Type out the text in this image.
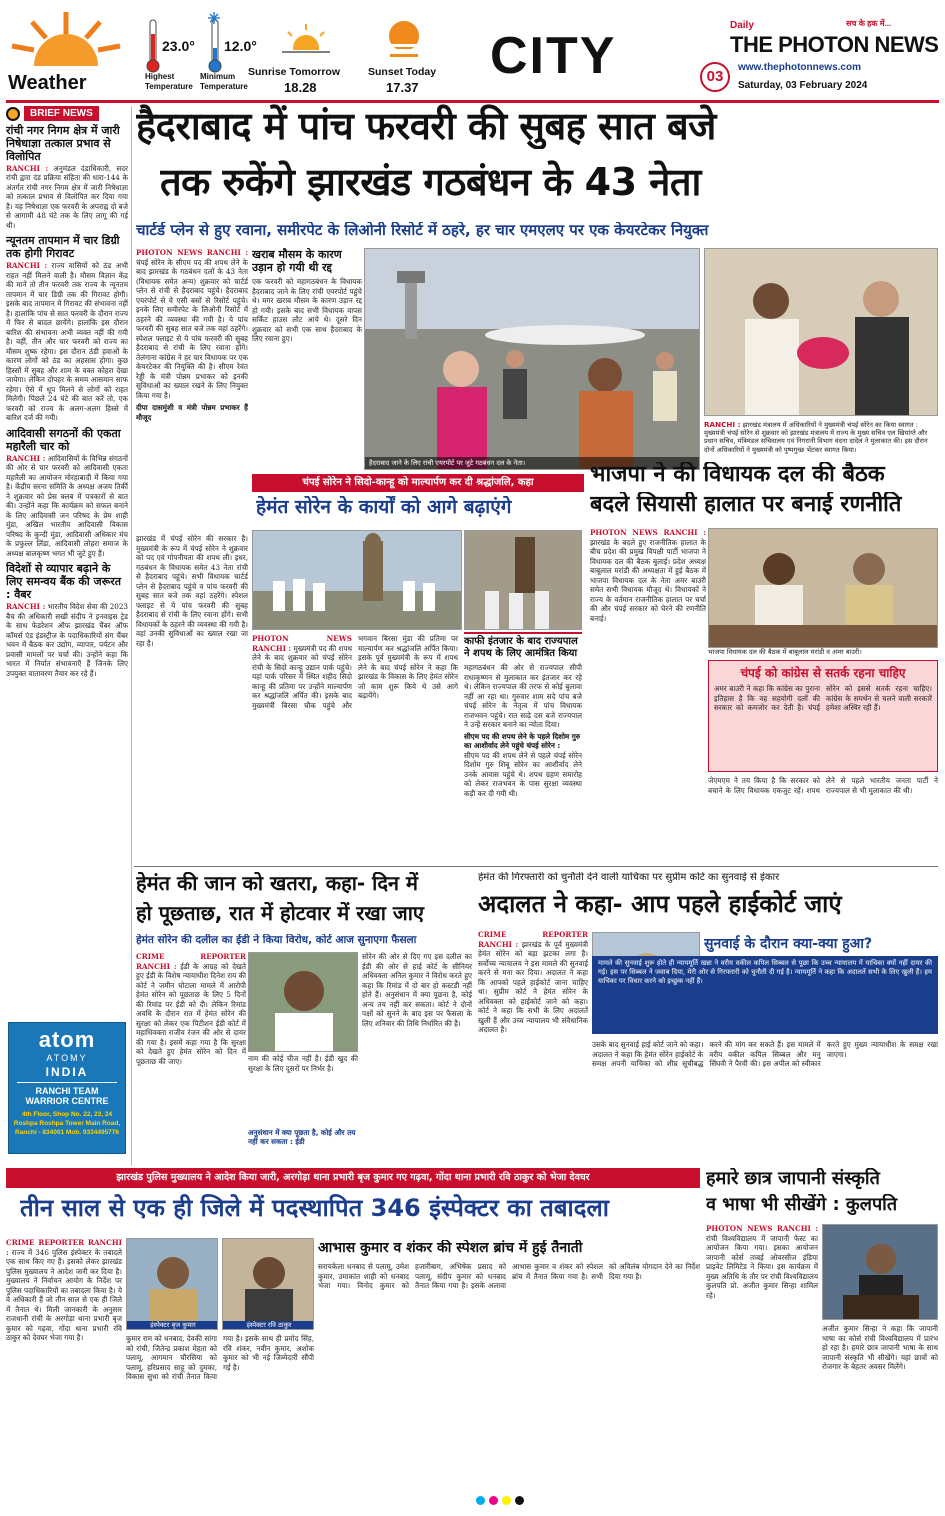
Weather
23.0°
Highest Temperature
12.0°
Minimum Temperature
Sunrise Tomorrow
18.28
Sunset Today
17.37
CITY	03
Daily	सच के हक में...
THE PHOTON NEWS
www.thephotonnews.com
Saturday, 03 February 2024
BRIEF NEWS
रांची नगर निगम क्षेत्र में जारी निषेधाज्ञा तत्काल प्रभाव से विलोपित
RANCHI : अनुमंडल दंडाधिकारी, सदर रांची द्वारा दंड प्रक्रिया संहिता की धारा-144 के अंतर्गत रांची नगर निगम क्षेत्र में जारी निषेधाज्ञा को तत्काल प्रभाव से विलोपित कर दिया गया है। यह निषेधाज्ञा एक फरवरी के अपराह्न दो बजे से आगामी 48 घंटे तक के लिए लागू की गई थी।
न्यूनतम तापमान में चार डिग्री तक होगी गिरावट
RANCHI : राज्य वासियों को ठंड अभी राहत नहीं मिलने वाली है। मौसम विज्ञान केंद्र की मानें तो तीन फरवरी तक राज्य के न्यूनतम तापमान में चार डिग्री तक की गिरावट होगी। इसके बाद तापमान में गिरावट की संभावना नहीं है। हालांकि पांच से सात फरवरी के दौरान राज्य में फिर से बादल छायेंगे। हालांकि इस दौरान बारिश की संभावना अभी व्यक्त नहीं की गयी है। वहीं, तीन और चार फरवरी को राज्य का मौसम शुष्क रहेगा। इस दौरान ठंडी हवाओं के कारण लोगों को ठंड का अहसास होगा। कुछ हिस्सों में सुबह और शाम के वक्त कोहरा देखा जायेगा। लेकिन दोपहर के समय आसमान साफ रहेगा। ऐसे में धूप मिलने से लोगों को राहत मिलेगी। पिछले 24 घंटे की बात करें तो, एक फरवरी को राज्य के अलग-अलग हिस्से में बारिश दर्ज की गयी।
आदिवासी सगठनों की एकता महारैली चार को
RANCHI : आदिवासियों के विभिन्न संगठनों की ओर से चार फरवरी को आदिवासी एकता महारैली का आयोजन मोरहाबादी में किया गया है। केंद्रीय सरना समिति के अध्यक्ष अजय तिर्की ने शुक्रवार को प्रेस क्लब में पत्रकारों से बात की। उन्होंने कहा कि कार्यक्रम को सफल बनाने के लिए आदिवासी जन परिषद के प्रेम शाही मुंडा, अखिल भारतीय आदिवासी विकास परिषद के कुन्दी मुंडा, आदिवासी अधिकार मंच के प्रफुल्ल लिंडा, आदिवासी लोहरा समाज के अध्यक्ष बालकृष्ण भगत भी जुटे हुए हैं।
विदेशों से व्यापार बढ़ाने के लिए समन्वय बैंक की जरूरत : वैबर
RANCHI : भारतीय विदेश सेवा की 2023 बैच की अधिकारी सखी संदीप ने इनवाइस ट्रेड के साथ फेडरेशन ऑफ झारखंड चैंबर ऑफ कॉमर्स एंड इंडस्ट्रीज के पदाधिकारियों संग चैंबर भवन में बैठक कर उद्योग, व्यापार, पर्यटन और प्रवासी मामलों पर चर्चा की। उन्होंने कहा कि भारत में निर्यात संभावनाएँ हैं जिनके लिए उपयुक्त वातावरण तैयार कर रहे हैं।
atom
ATOMY
INDIA
RANCHI TEAM
WARRIOR CENTRE
4th Floor, Shop No. 22, 23, 24 Roshpa Roshpa Tower Main Road, Ranchi - 834001 Mob. 9334495776
हैदराबाद में पांच फरवरी की सुबह सात बजे
तक रुकेंगे झारखंड गठबंधन के 43 नेता
चार्टर्ड प्लेन से हुए रवाना, समीरपेट के लिओनी रिसोर्ट में ठहरे, हर चार एमएलए पर एक केयरटेकर नियुक्त
PHOTON NEWS RANCHI : चंपई सोरेन के सीएम पद की शपथ लेने के बाद झारखंड के गठबंधन दलों के 43 नेता (विधायक समेत अन्य) शुक्रवार को चार्टर्ड प्लेन से रांची से हैदराबाद पहुंचे। हैदराबाद एयरपोर्ट से वे एसी बसों से रिसोर्ट पहुंचे। इनके लिए समीरपेट के लिओनी रिसोर्ट में ठहरने की व्यवस्था की गयी है। ये पांच फरवरी की सुबह सात बजे तक वहां ठहरेंगे। स्पेशल फ्लाइट से ये पांच फरवरी की सुबह हैदराबाद से रांची के लिए रवाना होंगे। तेलंगाना कांग्रेस ने हर चार विधायक पर एक केयरटेकर की नियुक्ति की है। सीएम रेवंत रेड्डी के मंत्री पोन्नम प्रभाकर को इनकी सुविधाओं का ख्याल रखने के लिए नियुक्त किया गया है।
दीपा दासमुंशी व मंत्री पोन्नम प्रभाकर हैं मौजूद
खराब मौसम के कारण उड़ान हो गयी थी रद्द
एक फरवरी को महागठबंधन के विधायक हैदराबाद जाने के लिए रांची एयरपोर्ट पहुंचे थे। मगर खराब मौसम के कारण उड़ान रद्द हो गयी। इसके बाद सभी विधायक वापस सर्किट हाउस लौट आये थे। दूसरे दिन शुक्रवार को सभी एक साथ हैदराबाद के लिए रवाना हुए।
हैदराबाद जाने के लिए रांची एयरपोर्ट पर जुटे गठबंधन दल के नेता।
RANCHI : झारखंड मंत्रालय में अधिकारियों ने मुख्यमंत्री चंपई सोरेन का किया स्वागत : मुख्यमंत्री चंपई सोरेन से शुक्रवार को झारखंड मंत्रालय में राज्य के मुख्य सचिव एल खियांग्ते और प्रधान सचिव, मंत्रिमंडल सचिवालय एवं निगरानी विभाग वंदना दादेल ने मुलाकात की। इस दौरान दोनों अधिकारियों ने मुख्यमंत्री को पुष्पगुच्छ भेंटकर स्वागत किया।
चंपई सोरेन ने सिदो-कान्हू को माल्यार्पण कर दी श्रद्धांजलि, कहा
हेमंत सोरेन के कार्यों को आगे बढ़ाएंगे
भाजपा ने की विधायक दल की बैठक
बदले सियासी हालात पर बनाई रणनीति
झारखंड में चंपई सोरेन की सरकार है। मुख्यमंत्री के रूप में चंपई सोरेन ने शुक्रवार को पद एवं गोपनीयता की शपथ ली। इधर, गठबंधन के विधायक समेत 43 नेता रांची से हैदराबाद पहुंचे। सभी विधायक चार्टर्ड प्लेन से हैदराबाद पहुंचे व पांच फरवरी की सुबह सात बजे तक वहां ठहरेंगे। स्पेशल फ्लाइट से ये पांच फरवरी की सुबह हैदराबाद से रांची के लिए रवाना होंगे। सभी विधायकों के ठहरने की व्यवस्था की गयी है। वहां उनकी सुविधाओं का ख्याल रखा जा रहा है।	PHOTON NEWS RANCHI : मुख्यमंत्री पद की शपथ लेने के बाद शुक्रवार को चंपई सोरेन रांची के सिदो कान्हू उद्यान पार्क पहुंचे। यहां पार्क परिसर में स्थित शहीद सिदो कान्हू की प्रतिमा पर उन्होंने माल्यार्पण कर श्रद्धांजलि अर्पित की। इसके बाद मुख्यमंत्री बिरसा चौक पहुंचे और भगवान बिरसा मुंडा की प्रतिमा पर माल्यार्पण कर श्रद्धांजलि अर्पित किया। इसके पूर्व मुख्यमंत्री के रूप में शपथ लेने के बाद चंपई सोरेन ने कहा कि झारखंड के विकास के लिए हेमंत सोरेन जो काम शुरू किये थे उसे आगे बढ़ायेंगे।
काफी इंतजार के बाद राज्यपाल ने शपथ के लिए आमंत्रित किया
महागठबंधन की ओर से राज्यपाल सीपी राधाकृष्णन से मुलाकात कर इंतजार कर रहे थे। लेकिन राज्यपाल की तरफ से कोई बुलावा नहीं आ रहा था। गुरुवार शाम सदे पांच बजे चंपई सोरेन के नेतृत्व में पांच विधायक राजभवन पहुंचे। रात साढ़े दस बजे राज्यपाल ने उन्हें सरकार बनाने का न्योता दिया।
सीएम पद की शपथ लेने के पहले दिशोम गुरु का आशीर्वाद लेने पहुंचे चंपई सोरेन :
सीएम पद की शपथ लेने से पहले चंपई सोरेन दिशोम गुरु शिबू सोरेन का आशीर्वाद लेने उनके आवास पहुंचे थे। शपथ ग्रहण समारोह को लेकर राजभवन के पास सुरक्षा व्यवस्था कड़ी कर दी गयी थी।
PHOTON NEWS RANCHI : झारखंड के बदले हुए राजनीतिक हालात के बीच प्रदेश की प्रमुख विपक्षी पार्टी भाजपा ने विधायक दल की बैठक बुलाई। प्रदेश अध्यक्ष बाबूलाल मरांडी की अध्यक्षता में हुई बैठक में भाजपा विधायक दल के नेता अमर बाउरी समेत सभी विधायक मौजूद थे। विधायकों ने राज्य के वर्तमान राजनीतिक हालात पर चर्चा की और चंपई सरकार को घेरने की रणनीति बनाई।
भाजपा विधायक दल की बैठक में बाबूलाल मरांडी व अमर बाउरी।
चंपई को कांग्रेस से सतर्क रहना चाहिए
अमर बाउरी ने कहा कि कांग्रेस का पुराना इतिहास है कि वह सहयोगी दलों की सरकार को कमजोर कर देती है। चंपई सोरेन को इससे सतर्क रहना चाहिए। कांग्रेस के समर्थन से चलने वाली सरकारें हमेशा अस्थिर रही हैं।
जेएमएम ने तय किया है कि सरकार को बचाने के लिए विधायक एकजुट रहें। शपथ लेने से पहले भारतीय जनता पार्टी ने राज्यपाल से भी मुलाकात की थी।
हेमंत की जान को खतरा, कहा- दिन में
हो पूछताछ, रात में होटवार में रखा जाए
हेमंत सोरेन की दलील का ईडी ने किया विरोध, कोर्ट आज सुनाएगा फैसला
CRIME REPORTER RANCHI : ईडी के आग्रह को देखते हुए ईडी के विशेष न्यायाधीश दिनेश राय की कोर्ट ने जमीन घोटाला मामले में आरोपी हेमंत सोरेन को पूछताछ के लिए 5 दिनों की रिमांड पर ईडी को दी। लेकिन रिमांड अवधि के दौरान रात में हेमंत सोरेन की सुरक्षा को लेकर एक पिटीशन ईडी कोर्ट में महाधिवक्ता राजीव रंजन की ओर से दायर की गया है। इसमें कहा गया है कि सुरक्षा को देखते हुए हेमंत सोरेन को दिन में पूछताछ की जाए।	नाम की कोई चीज नहीं है। ईडी खुद की सुरक्षा के लिए दूसरों पर निर्भर है।
अनुसंधान में क्या पूछता है, कोई और तय नहीं कर सकता : ईडी
सोरेन की ओर से दिए गए इस दलील का ईडी की ओर से हाई कोर्ट के सीनियर अधिवक्ता अनिल कुमार ने विरोध करते हुए कहा कि रिमांड में दो बार हो कस्टडी नहीं होते हैं। अनुसंधान में क्या पूछना है, कोई अन्य तय नहीं कर सकता। कोर्ट ने दोनों पक्षों को सुनने के बाद इस पर फैसला के लिए शनिवार की तिथि निर्धारित की है।
हेमंत की गिरफ्तारी को चुनौती देने वाली याचिका पर सुप्रीम कोर्ट का सुनवाई से इंकार
अदालत ने कहा- आप पहले हाईकोर्ट जाएं
CRIME REPORTER RANCHI : झारखंड के पूर्व मुख्यमंत्री हेमंत सोरेन को बड़ा झटका लगा है। सर्वोच्च न्यायालय ने इस मामले की सुनवाई करने से मना कर दिया। अदालत ने कहा कि आपको पहले हाईकोर्ट जाना चाहिए था। सुप्रीम कोर्ट ने हेमंत सोरेन के अधिवक्ता को हाईकोर्ट जाने को कहा। कोर्ट ने कहा कि सभी के लिए अदालतें खुली हैं और उच्च न्यायालय भी संवैधानिक अदालत है।
सुनवाई के दौरान क्या-क्या हुआ?
मामले की सुनवाई शुरू होते ही न्यायमूर्ति खन्ना ने वरीय वकील कपिल सिब्बल से पूछा कि उच्च न्यायालय में याचिका क्यों नहीं दायर की गई। इस पर सिब्बल ने जवाब दिया, मेरी ओर से गिरफ्तारी को चुनौती दी गई है। न्यायमूर्ति ने कहा कि अदालतें सभी के लिए खुली हैं। हम याचिका पर विचार करने को इच्छुक नहीं हैं।
उसके बाद सुनवाई हाई कोर्ट जाने को कहा। अदालत ने कहा कि हेमंत सोरेन हाईकोर्ट के समक्ष अपनी याचिका को शीघ्र सूचीबद्ध करने की मांग कर सकते हैं। इस मामले में वरीय वकील कपिल सिब्बल और मनु सिंघवी ने पैरवी की। इस अपील को स्वीकार करते हुए मुख्य न्यायाधीश के समक्ष रखा जाएगा।
झारखंड पुलिस मुख्यालय ने आदेश किया जारी, अरगोड़ा थाना प्रभारी बृज कुमार गए गढ़वा, गोंदा थाना प्रभारी रवि ठाकुर को भेजा देवघर
तीन साल से एक ही जिले में पदस्थापित 346 इंस्पेक्टर का तबादला
CRIME REPORTER RANCHI : राज्य में 346 पुलिस इंस्पेक्टर के तबादले एक साथ किए गए हैं। इसको लेकर झारखंड पुलिस मुख्यालय ने आदेश जारी कर दिया है। मुख्यालय ने निर्वाचन आयोग के निर्देश पर पुलिस पदाधिकारियों का तबादला किया है। ये वे अधिकारी हैं जो तीन साल से एक ही जिले में तैनात थे। मिली जानकारी के अनुसार राजधानी रांची के अरगोड़ा थाना प्रभारी बृज कुमार को गढ़वा, गोंदा थाना प्रभारी रवि ठाकुर को देवघर भेजा गया है।
इंस्पेक्टर बृज कुमार	इंस्पेक्टर रवि ठाकुर
कुमार राम को धनबाद, देवकी सांगा को रांची, जितेन्द्र प्रकाश मेहता को पलामू, आगमान चौरसिया को पलामू, हरिप्रसाद साहू को दुमका, विकास सुधा को रांची तैनात किया गया है। इसके साथ ही प्रमोद सिंह, रवि शंकर, नवीन कुमार, अशोक कुमार को भी नई जिम्मेदारी सौंपी गई है।
आभास कुमार व शंकर की स्पेशल ब्रांच में हुई तैनाती
सरायकेला धनबाद से पलामू, उमेश कुमार, उमाकांत शाही को धनबाद भेजा गया। विनोद कुमार को हजारीबाग, अभिषेक प्रसाद को पलामू, संदीप कुमार को धनबाद तैनात किया गया है। इसके अलावा आभास कुमार व शंकर को स्पेशल ब्रांच में तैनात किया गया है। सभी को अविलंब योगदान देने का निर्देश दिया गया है।
हमारे छात्र जापानी संस्कृति
व भाषा भी सीखेंगे : कुलपति
PHOTON NEWS RANCHI : रांची विश्वविद्यालय में जापानी फेस्ट का आयोजन किया गया। इसका आयोजन जापानी कोर्स ताबई ओवरसीज इंडिया प्राइवेट लिमिटेड ने किया। इस कार्यक्रम में मुख्य अतिथि के तौर पर रांची विश्वविद्यालय कुलपति प्रो. अजीत कुमार सिन्हा शामिल रहे।
अजीत कुमार सिन्हा ने कहा कि जापानी भाषा का कोर्स रांची विश्वविद्यालय में प्रारंभ हो रहा है। हमारे छात्र जापानी भाषा के साथ जापानी संस्कृति भी सीखेंगे। यहां छात्रों को रोजगार के बेहतर अवसर मिलेंगे।
